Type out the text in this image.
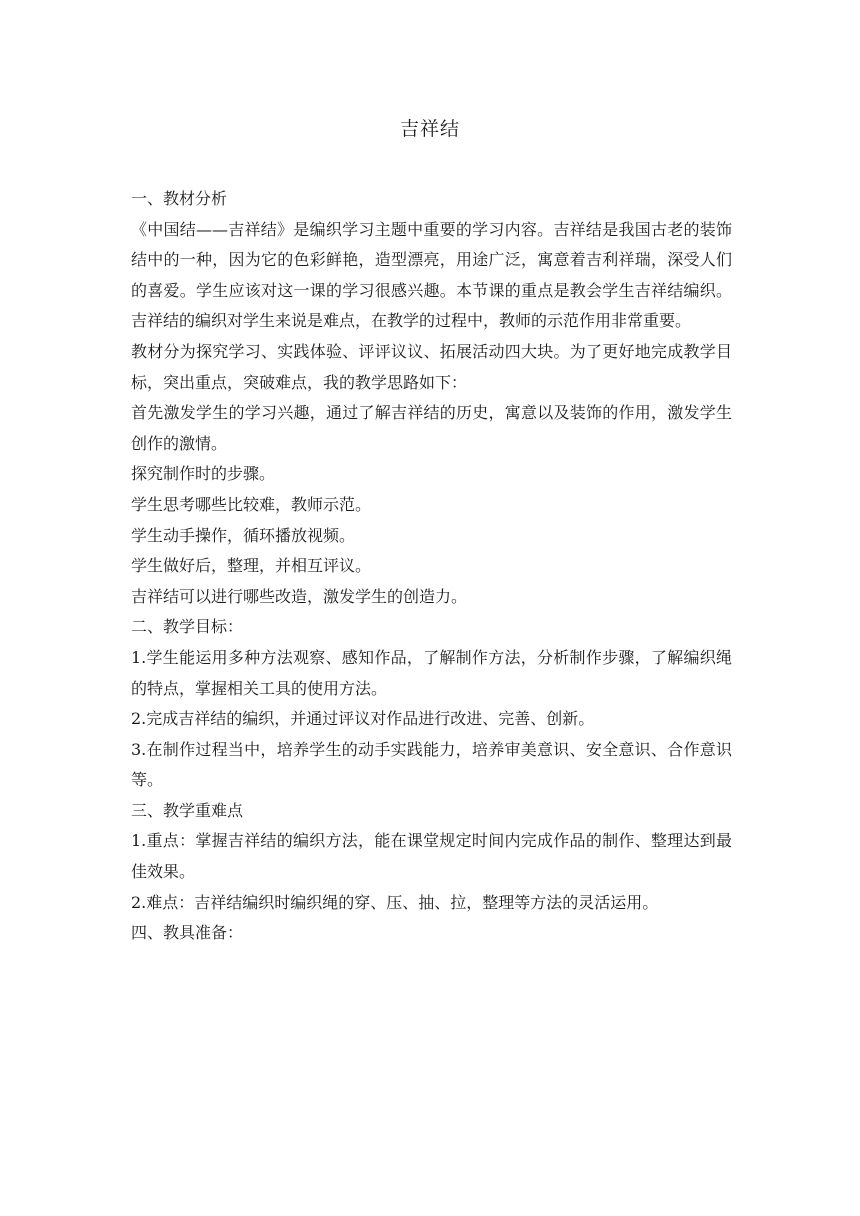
吉祥结

一、教材分析

《中国结——吉祥结》是编织学习主题中重要的学习内容。吉祥结是我国古老的装饰结中的一种，因为它的色彩鲜艳，造型漂亮，用途广泛，寓意着吉利祥瑞，深受人们的喜爱。学生应该对这一课的学习很感兴趣。本节课的重点是教会学生吉祥结编织。吉祥结的编织对学生来说是难点，在教学的过程中，教师的示范作用非常重要。

教材分为探究学习、实践体验、评评议议、拓展活动四大块。为了更好地完成教学目标，突出重点，突破难点，我的教学思路如下：

首先激发学生的学习兴趣，通过了解吉祥结的历史，寓意以及装饰的作用，激发学生创作的激情。

探究制作时的步骤。

学生思考哪些比较难，教师示范。

学生动手操作，循环播放视频。

学生做好后，整理，并相互评议。

吉祥结可以进行哪些改造，激发学生的创造力。

二、教学目标：

1.学生能运用多种方法观察、感知作品，了解制作方法，分析制作步骤，了解编织绳的特点，掌握相关工具的使用方法。

2.完成吉祥结的编织，并通过评议对作品进行改进、完善、创新。

3.在制作过程当中，培养学生的动手实践能力，培养审美意识、安全意识、合作意识等。

三、教学重难点

1.重点：掌握吉祥结的编织方法，能在课堂规定时间内完成作品的制作、整理达到最佳效果。

2.难点：吉祥结编织时编织绳的穿、压、抽、拉，整理等方法的灵活运用。

四、教具准备：
